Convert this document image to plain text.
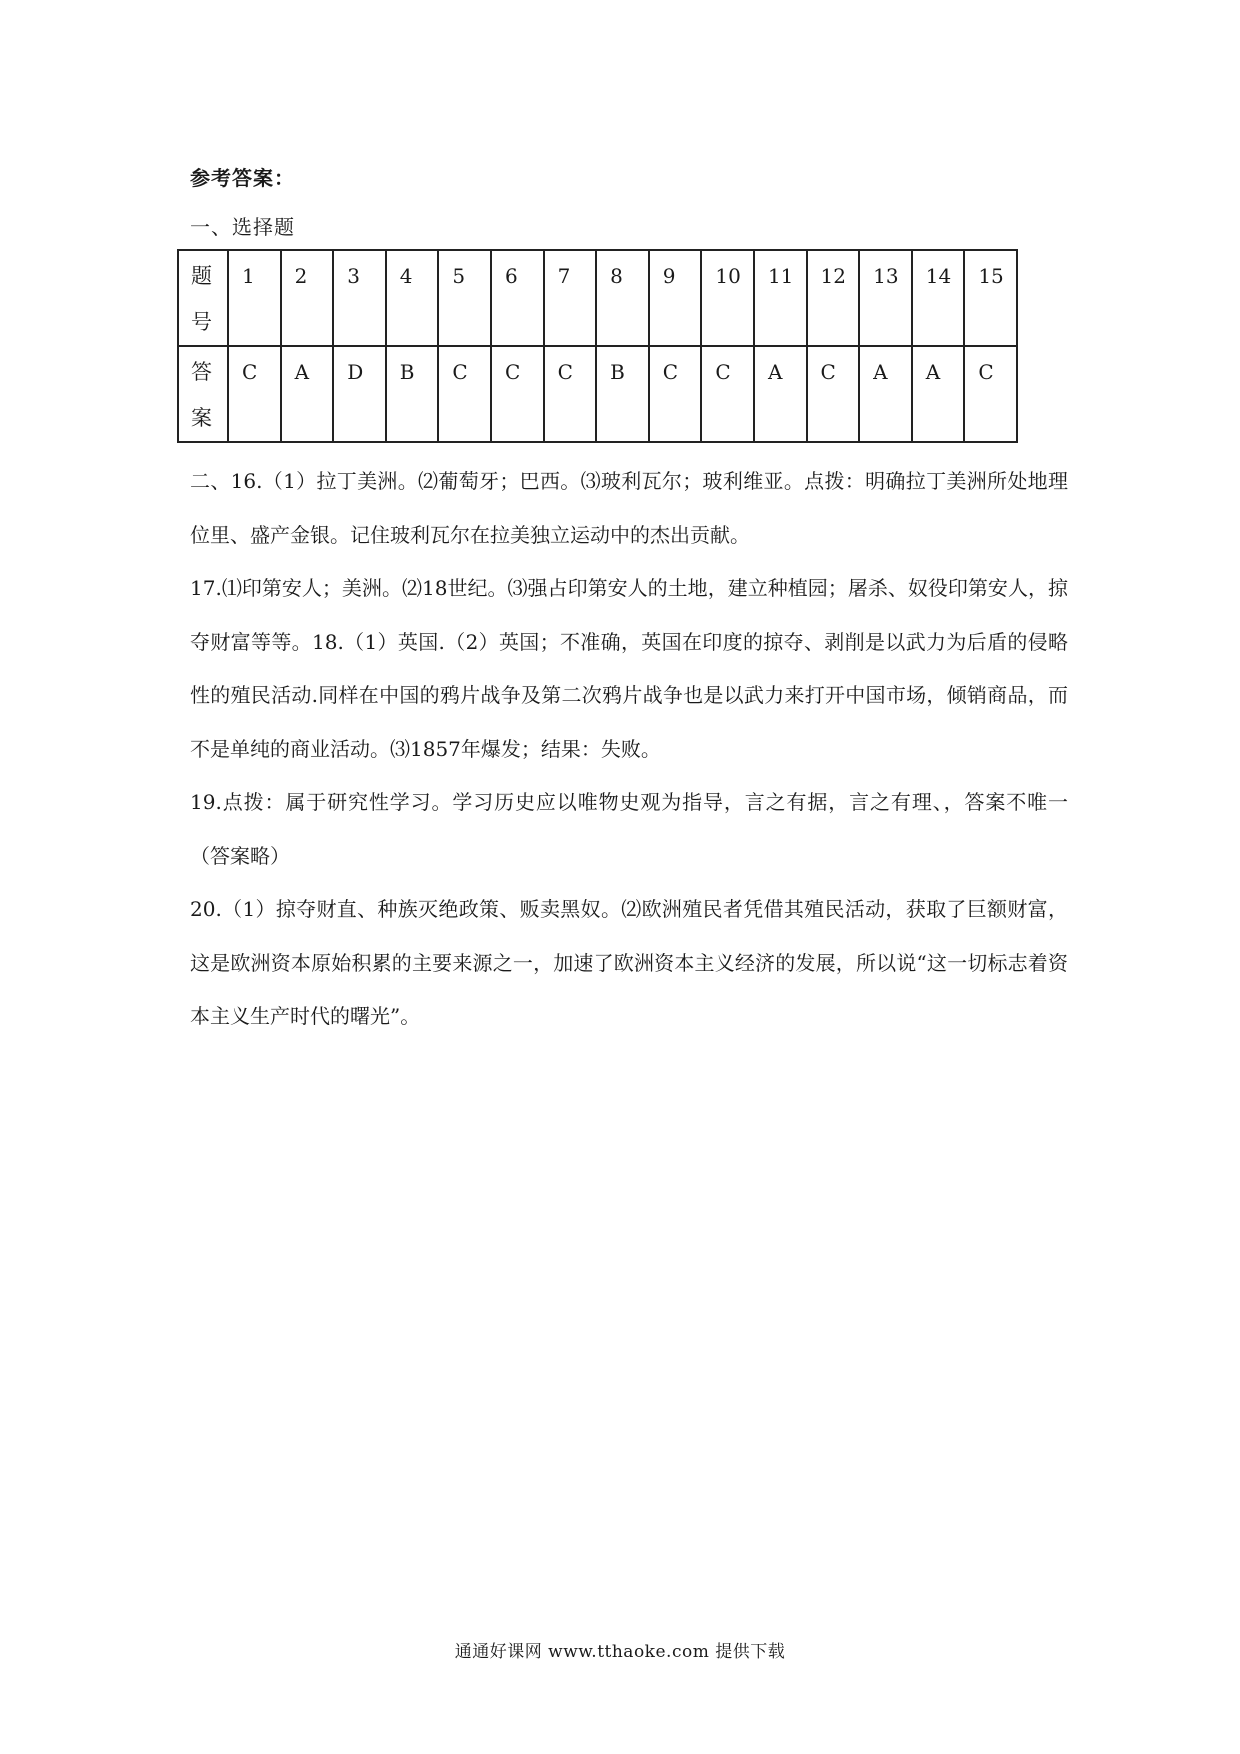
参考答案：
一、选择题
题
号	1	2	3	4	5	6	7	8	9	10	11	12	13	14	15
答
案	C	A	D	B	C	C	C	B	C	C	A	C	A	A	C

二、16.（1）拉丁美洲。⑵葡萄牙；巴西。⑶玻利瓦尔；玻利维亚。点拨：明确拉丁美洲所处地理位里、盛产金银。记住玻利瓦尔在拉美独立运动中的杰出贡献。

17.⑴印第安人；美洲。⑵18世纪。⑶强占印第安人的土地，建立种植园；屠杀、奴役印第安人，掠夺财富等等。18.（1）英国.（2）英国；不准确，英国在印度的掠夺、剥削是以武力为后盾的侵略性的殖民活动.同样在中国的鸦片战争及第二次鸦片战争也是以武力来打开中国市场，倾销商品，而不是单纯的商业活动。⑶1857年爆发；结果：失败。

19.点拨：属于研究性学习。学习历史应以唯物史观为指导，言之有据，言之有理、，答案不唯一（答案略）

20.（1）掠夺财直、种族灭绝政策、贩卖黑奴。⑵欧洲殖民者凭借其殖民活动，获取了巨额财富，这是欧洲资本原始积累的主要来源之一，加速了欧洲资本主义经济的发展，所以说“这一切标志着资本主义生产时代的曙光”。

通通好课网 www.tthaoke.com 提供下载
